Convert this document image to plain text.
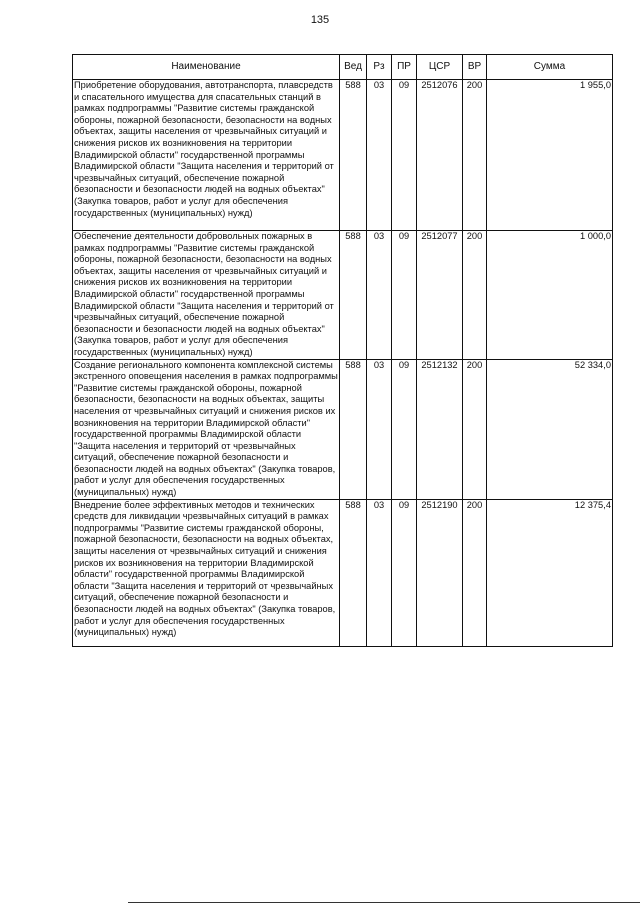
135
Наименование	Вед	Рз	ПР	ЦСР	ВР	Сумма
Приобретение оборудования, автотранспорта, плавсредств и спасательного имущества для спасательных станций в рамках подпрограммы "Развитие системы гражданской обороны, пожарной безопасности, безопасности на водных объектах, защиты населения от чрезвычайных ситуаций и снижения рисков их возникновения на территории Владимирской области" государственной программы Владимирской области "Защита населения и территорий от чрезвычайных ситуаций, обеспечение пожарной безопасности и безопасности людей на водных объектах" (Закупка товаров, работ и услуг для обеспечения государственных (муниципальных) нужд)	588	03	09	2512076	200	1 955,0
Обеспечение деятельности добровольных пожарных в рамках подпрограммы "Развитие системы гражданской обороны, пожарной безопасности, безопасности на водных объектах, защиты населения от чрезвычайных ситуаций и снижения рисков их возникновения на территории Владимирской области" государственной программы Владимирской области "Защита населения и территорий от чрезвычайных ситуаций, обеспечение пожарной безопасности и безопасности людей на водных объектах" (Закупка товаров, работ и услуг для обеспечения государственных (муниципальных) нужд)	588	03	09	2512077	200	1 000,0
Создание регионального компонента комплексной системы экстренного оповещения населения в рамках подпрограммы "Развитие системы гражданской обороны, пожарной безопасности, безопасности на водных объектах, защиты населения от чрезвычайных ситуаций и снижения рисков их возникновения на территории Владимирской области" государственной программы Владимирской области "Защита населения и территорий от чрезвычайных ситуаций, обеспечение пожарной безопасности и безопасности людей на водных объектах" (Закупка товаров, работ и услуг для обеспечения государственных (муниципальных) нужд)	588	03	09	2512132	200	52 334,0
Внедрение более эффективных методов и технических средств для ликвидации чрезвычайных ситуаций в рамках подпрограммы "Развитие системы гражданской обороны, пожарной безопасности, безопасности на водных объектах, защиты населения от чрезвычайных ситуаций и снижения рисков их возникновения на территории Владимирской области" государственной программы Владимирской области "Защита населения и территорий от чрезвычайных ситуаций, обеспечение пожарной безопасности и безопасности людей на водных объектах" (Закупка товаров, работ и услуг для обеспечения государственных (муниципальных) нужд)	588	03	09	2512190	200	12 375,4
